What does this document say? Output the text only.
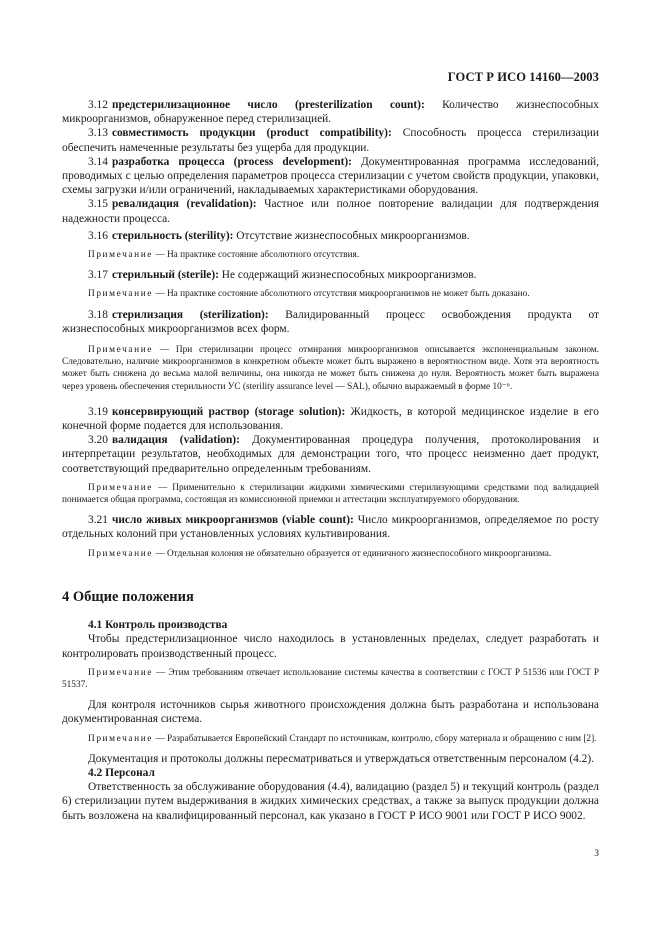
ГОСТ Р ИСО 14160—2003

3.12 предстерилизационное число (presterilization count): Количество жизнеспособных микроорганизмов, обнаруженное перед стерилизацией.

3.13 совместимость продукции (product compatibility): Способность процесса стерилизации обеспечить намеченные результаты без ущерба для продукции.

3.14 разработка процесса (process development): Документированная программа исследований, проводимых с целью определения параметров процесса стерилизации с учетом свойств продукции, упаковки, схемы загрузки и/или ограничений, накладываемых характеристиками оборудования.

3.15 ревалидация (revalidation): Частное или полное повторение валидации для подтверждения надежности процесса.

3.16 стерильность (sterility): Отсутствие жизнеспособных микроорганизмов.

Примечание — На практике состояние абсолютного отсутствия.

3.17 стерильный (sterile): Не содержащий жизнеспособных микроорганизмов.

Примечание — На практике состояние абсолютного отсутствия микроорганизмов не может быть доказано.

3.18 стерилизация (sterilization): Валидированный процесс освобождения продукта от жизнеспособных микроорганизмов всех форм.

Примечание — При стерилизации процесс отмирания микроорганизмов описывается экспоненциальным законом. Следовательно, наличие микроорганизмов в конкретном объекте может быть выражено в вероятностном виде. Хотя эта вероятность может быть снижена до весьма малой величины, она никогда не может быть снижена до нуля. Вероятность может быть выражена через уровень обеспечения стерильности УС (sterility assurance level — SAL), обычно выражаемый в форме 10⁻⁶.

3.19 консервирующий раствор (storage solution): Жидкость, в которой медицинское изделие в его конечной форме подается для использования.

3.20 валидация (validation): Документированная процедура получения, протоколирования и интерпретации результатов, необходимых для демонстрации того, что процесс неизменно дает продукт, соответствующий предварительно определенным требованиям.

Примечание — Применительно к стерилизации жидкими химическими стерилизующими средствами под валидацией понимается общая программа, состоящая из комиссионной приемки и аттестации эксплуатируемого оборудования.

3.21 число живых микроорганизмов (viable count): Число микроорганизмов, определяемое по росту отдельных колоний при установленных условиях культивирования.

Примечание — Отдельная колония не обязательно образуется от единичного жизнеспособного микроорганизма.

4 Общие положения

4.1 Контроль производства

Чтобы предстерилизационное число находилось в установленных пределах, следует разработать и контролировать производственный процесс.

Примечание — Этим требованиям отвечает использование системы качества в соответствии с ГОСТ Р 51536 или ГОСТ Р 51537.

Для контроля источников сырья животного происхождения должна быть разработана и использована документированная система.

Примечание — Разрабатывается Европейский Стандарт по источникам, контролю, сбору материала и обращению с ним [2].

Документация и протоколы должны пересматриваться и утверждаться ответственным персоналом (4.2).

4.2 Персонал

Ответственность за обслуживание оборудования (4.4), валидацию (раздел 5) и текущий контроль (раздел 6) стерилизации путем выдерживания в жидких химических средствах, а также за выпуск продукции должна быть возложена на квалифицированный персонал, как указано в ГОСТ Р ИСО 9001 или ГОСТ Р ИСО 9002.

3
